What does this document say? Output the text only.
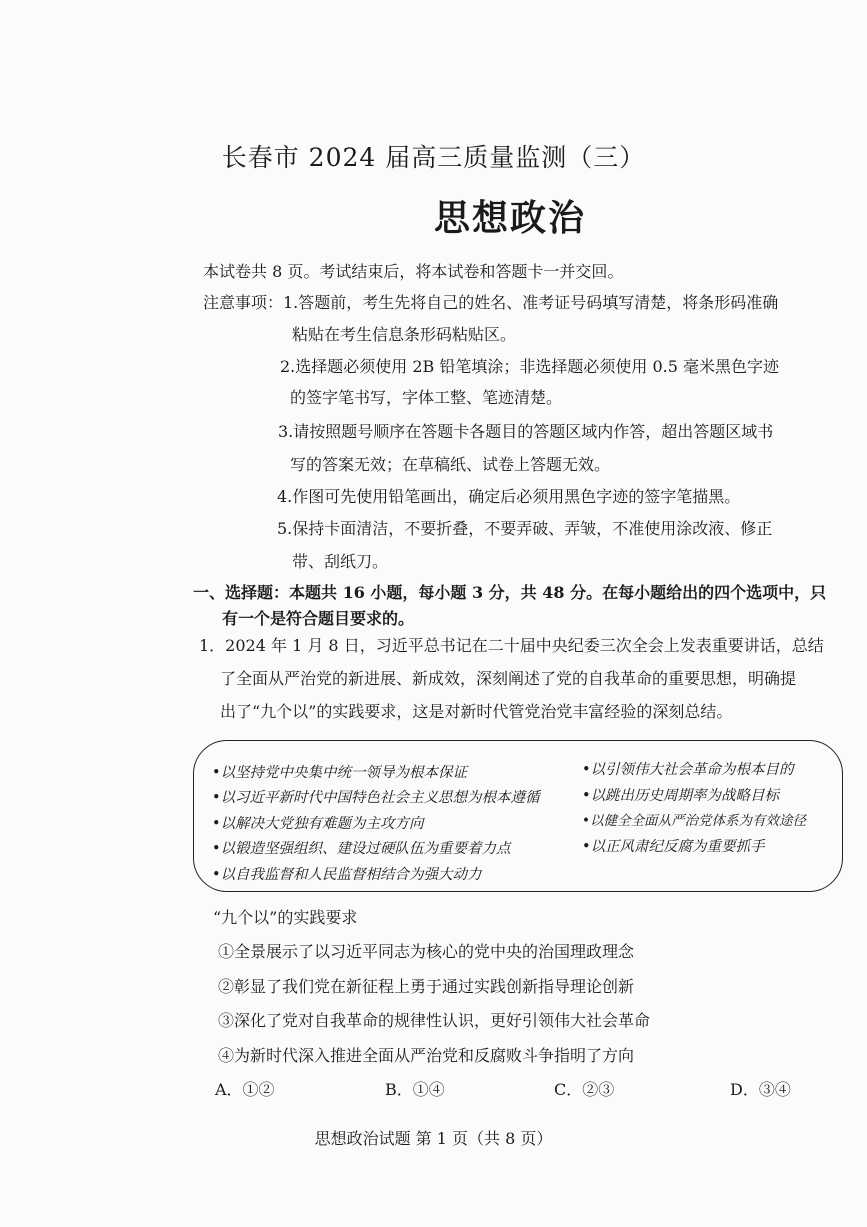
长春市 2024 届高三质量监测（三）
思想政治
本试卷共 8 页。考试结束后，将本试卷和答题卡一并交回。
注意事项： 1.答题前，考生先将自己的姓名、准考证号码填写清楚，将条形码准确
粘贴在考生信息条形码粘贴区。
2.选择题必须使用 2B 铅笔填涂；非选择题必须使用 0.5 毫米黑色字迹
的签字笔书写，字体工整、笔迹清楚。
3.请按照题号顺序在答题卡各题目的答题区域内作答，超出答题区域书
写的答案无效；在草稿纸、试卷上答题无效。
4.作图可先使用铅笔画出，确定后必须用黑色字迹的签字笔描黑。
5.保持卡面清洁，不要折叠，不要弄破、弄皱，不准使用涂改液、修正
带、刮纸刀。
一、选择题：本题共 16 小题，每小题 3 分，共 48 分。在每小题给出的四个选项中，只
有一个是符合题目要求的。
1．2024 年 1 月 8 日，习近平总书记在二十届中央纪委三次全会上发表重要讲话，总结
了全面从严治党的新进展、新成效，深刻阐述了党的自我革命的重要思想，明确提
出了“九个以”的实践要求，这是对新时代管党治党丰富经验的深刻总结。
•以坚持党中央集中统一领导为根本保证
•以习近平新时代中国特色社会主义思想为根本遵循
•以解决大党独有难题为主攻方向
•以锻造坚强组织、建设过硬队伍为重要着力点
•以自我监督和人民监督相结合为强大动力
•以引领伟大社会革命为根本目的
•以跳出历史周期率为战略目标
•以健全全面从严治党体系为有效途径
•以正风肃纪反腐为重要抓手
“九个以”的实践要求
①全景展示了以习近平同志为核心的党中央的治国理政理念
②彰显了我们党在新征程上勇于通过实践创新指导理论创新
③深化了党对自我革命的规律性认识，更好引领伟大社会革命
④为新时代深入推进全面从严治党和反腐败斗争指明了方向
A．①②	B．①④	C．②③	D．③④
思想政治试题 第 1 页（共 8 页）
